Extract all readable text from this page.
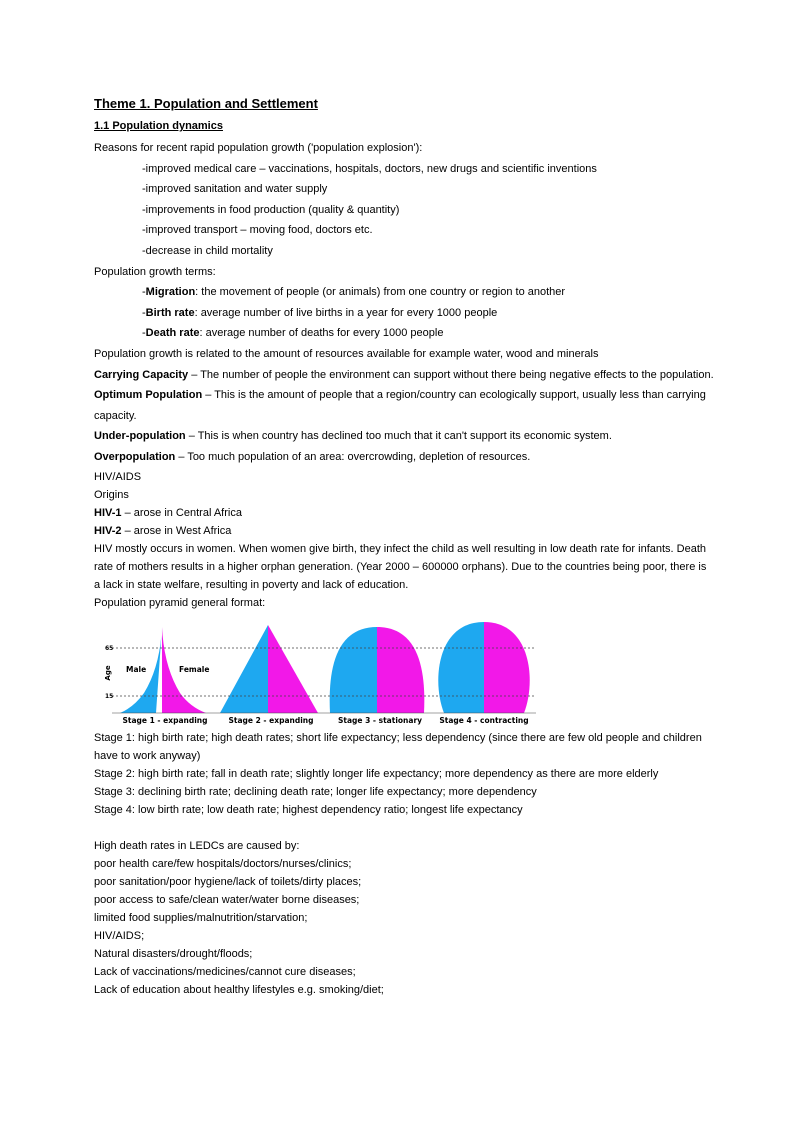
Theme 1. Population and Settlement
1.1 Population dynamics

Reasons for recent rapid population growth ('population explosion'):

-improved medical care – vaccinations, hospitals, doctors, new drugs and scientific inventions

-improved sanitation and water supply

-improvements in food production (quality & quantity)

-improved transport – moving food, doctors etc.

-decrease in child mortality

Population growth terms:

-Migration: the movement of people (or animals) from one country or region to another

-Birth rate: average number of live births in a year for every 1000 people

-Death rate: average number of deaths for every 1000 people

Population growth is related to the amount of resources available for example water, wood and minerals

Carrying Capacity – The number of people the environment can support without there being negative effects to the population.

Optimum Population – This is the amount of people that a region/country can ecologically support, usually less than carrying capacity.

Under-population – This is when country has declined too much that it can't support its economic system.

Overpopulation – Too much population of an area: overcrowding, depletion of resources.

HIV/AIDS

Origins

HIV-1 – arose in Central Africa

HIV-2 – arose in West Africa

HIV mostly occurs in women. When women give birth, they infect the child as well resulting in low death rate for infants. Death rate of mothers results in a higher orphan generation. (Year 2000 – 600000 orphans). Due to the countries being poor, there is a lack in state welfare, resulting in poverty and lack of education.

Population pyramid general format:

Age
65
15
Male	Female
Stage 1 - expanding	Stage 2 - expanding	Stage 3 - stationary Stage 4 - contracting

Stage 1: high birth rate; high death rates; short life expectancy; less dependency (since there are few old people and children have to work anyway)

Stage 2: high birth rate; fall in death rate; slightly longer life expectancy; more dependency as there are more elderly

Stage 3: declining birth rate; declining death rate; longer life expectancy; more dependency

Stage 4: low birth rate; low death rate; highest dependency ratio; longest life expectancy

High death rates in LEDCs are caused by:

poor health care/few hospitals/doctors/nurses/clinics;

poor sanitation/poor hygiene/lack of toilets/dirty places;

poor access to safe/clean water/water borne diseases;

limited food supplies/malnutrition/starvation;

HIV/AIDS;

Natural disasters/drought/floods;

Lack of vaccinations/medicines/cannot cure diseases;

Lack of education about healthy lifestyles e.g. smoking/diet;
